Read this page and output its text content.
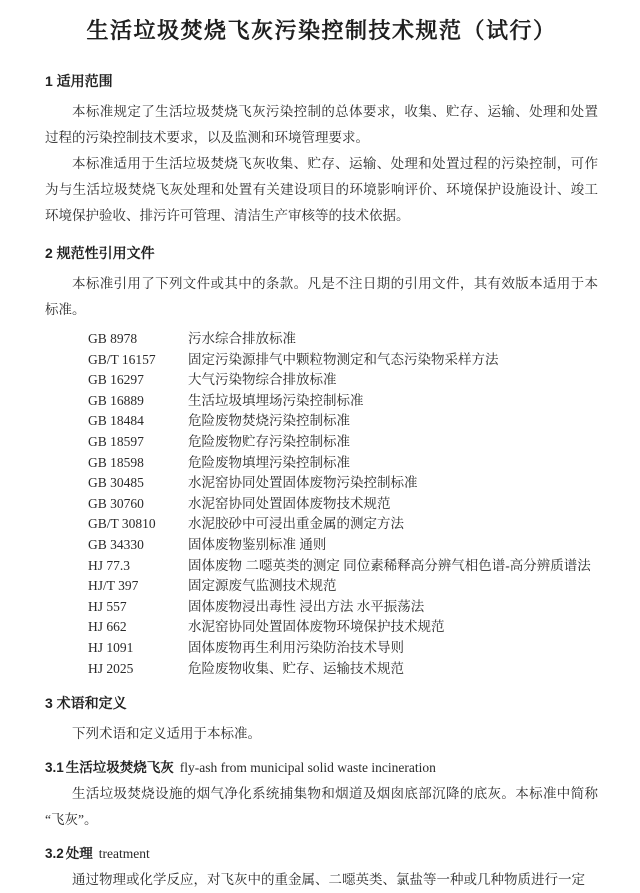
生活垃圾焚烧飞灰污染控制技术规范（试行）
1 适用范围

本标准规定了生活垃圾焚烧飞灰污染控制的总体要求，收集、贮存、运输、处理和处置过程的污染控制技术要求，以及监测和环境管理要求。

本标准适用于生活垃圾焚烧飞灰收集、贮存、运输、处理和处置过程的污染控制，可作为与生活垃圾焚烧飞灰处理和处置有关建设项目的环境影响评价、环境保护设施设计、竣工环境保护验收、排污许可管理、清洁生产审核等的技术依据。

2 规范性引用文件

本标准引用了下列文件或其中的条款。凡是不注日期的引用文件，其有效版本适用于本标准。

GB 8978	污水综合排放标准
GB/T 16157 固定污染源排气中颗粒物测定和气态污染物采样方法
GB 16297	大气污染物综合排放标准
GB 16889	生活垃圾填埋场污染控制标准
GB 18484	危险废物焚烧污染控制标准
GB 18597	危险废物贮存污染控制标准
GB 18598	危险废物填埋污染控制标准
GB 30485	水泥窑协同处置固体废物污染控制标准
GB 30760	水泥窑协同处置固体废物技术规范
GB/T 30810 水泥胶砂中可浸出重金属的测定方法
GB 34330	固体废物鉴别标准 通则
HJ 77.3	固体废物 二噁英类的测定 同位素稀释高分辨气相色谱-高分辨质谱法
HJ/T 397	固定源废气监测技术规范
HJ 557	固体废物浸出毒性 浸出方法 水平振荡法
HJ 662	水泥窑协同处置固体废物环境保护技术规范
HJ 1091	固体废物再生利用污染防治技术导则
HJ 2025	危险废物收集、贮存、运输技术规范
3 术语和定义

下列术语和定义适用于本标准。

3.1 生活垃圾焚烧飞灰 fly-ash from municipal solid waste incineration

生活垃圾焚烧设施的烟气净化系统捕集物和烟道及烟囱底部沉降的底灰。本标准中简称“飞灰”。

3.2 处理 treatment

通过物理或化学反应，对飞灰中的重金属、二噁英类、氯盐等一种或几种物质进行一定
